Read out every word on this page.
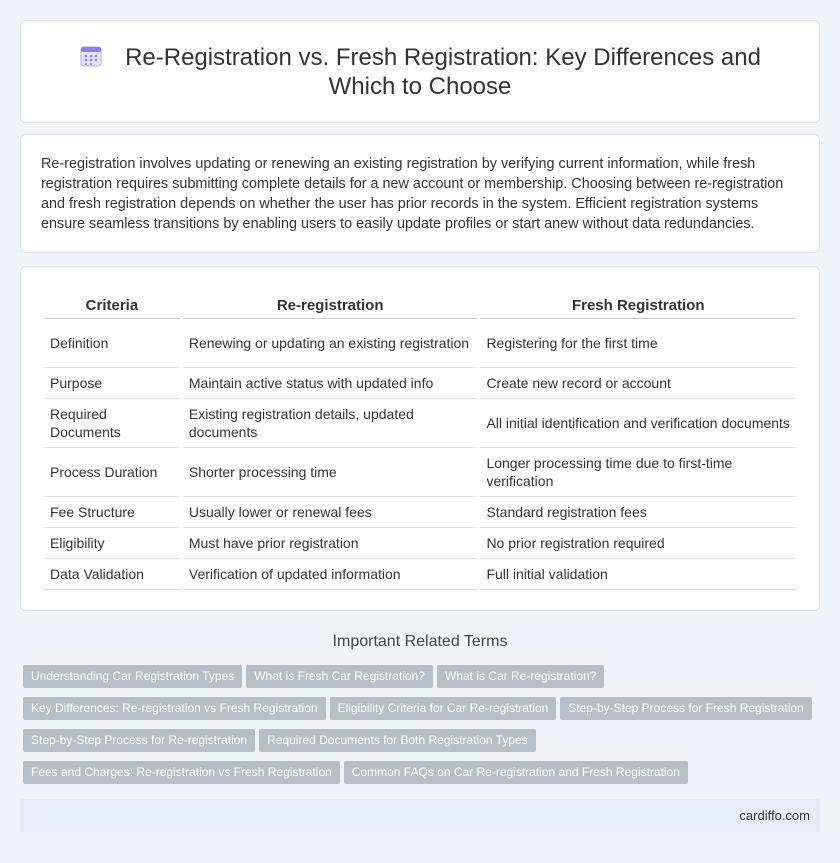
Re-Registration vs. Fresh Registration: Key Differences and Which to Choose

Re-registration involves updating or renewing an existing registration by verifying current information, while fresh registration requires submitting complete details for a new account or membership. Choosing between re-registration and fresh registration depends on whether the user has prior records in the system. Efficient registration systems ensure seamless transitions by enabling users to easily update profiles or start anew without data redundancies.

Criteria	Re-registration	Fresh Registration
Definition	Renewing or updating an existing registration	Registering for the first time
Purpose	Maintain active status with updated info	Create new record or account
Required Documents	Existing registration details, updated documents	All initial identification and verification documents
Process Duration	Shorter processing time	Longer processing time due to first-time verification
Fee Structure	Usually lower or renewal fees	Standard registration fees
Eligibility	Must have prior registration	No prior registration required
Data Validation	Verification of updated information	Full initial validation
Important Related Terms
Understanding Car Registration Types What is Fresh Car Registration? What is Car Re-registration?
Key Differences: Re-registration vs Fresh Registration Eligibility Criteria for Car Re-registration Step-by-Step Process for Fresh Registration
Step-by-Step Process for Re-registration Required Documents for Both Registration Types
Fees and Charges: Re-registration vs Fresh Registration Common FAQs on Car Re-registration and Fresh Registration
cardiffo.com
